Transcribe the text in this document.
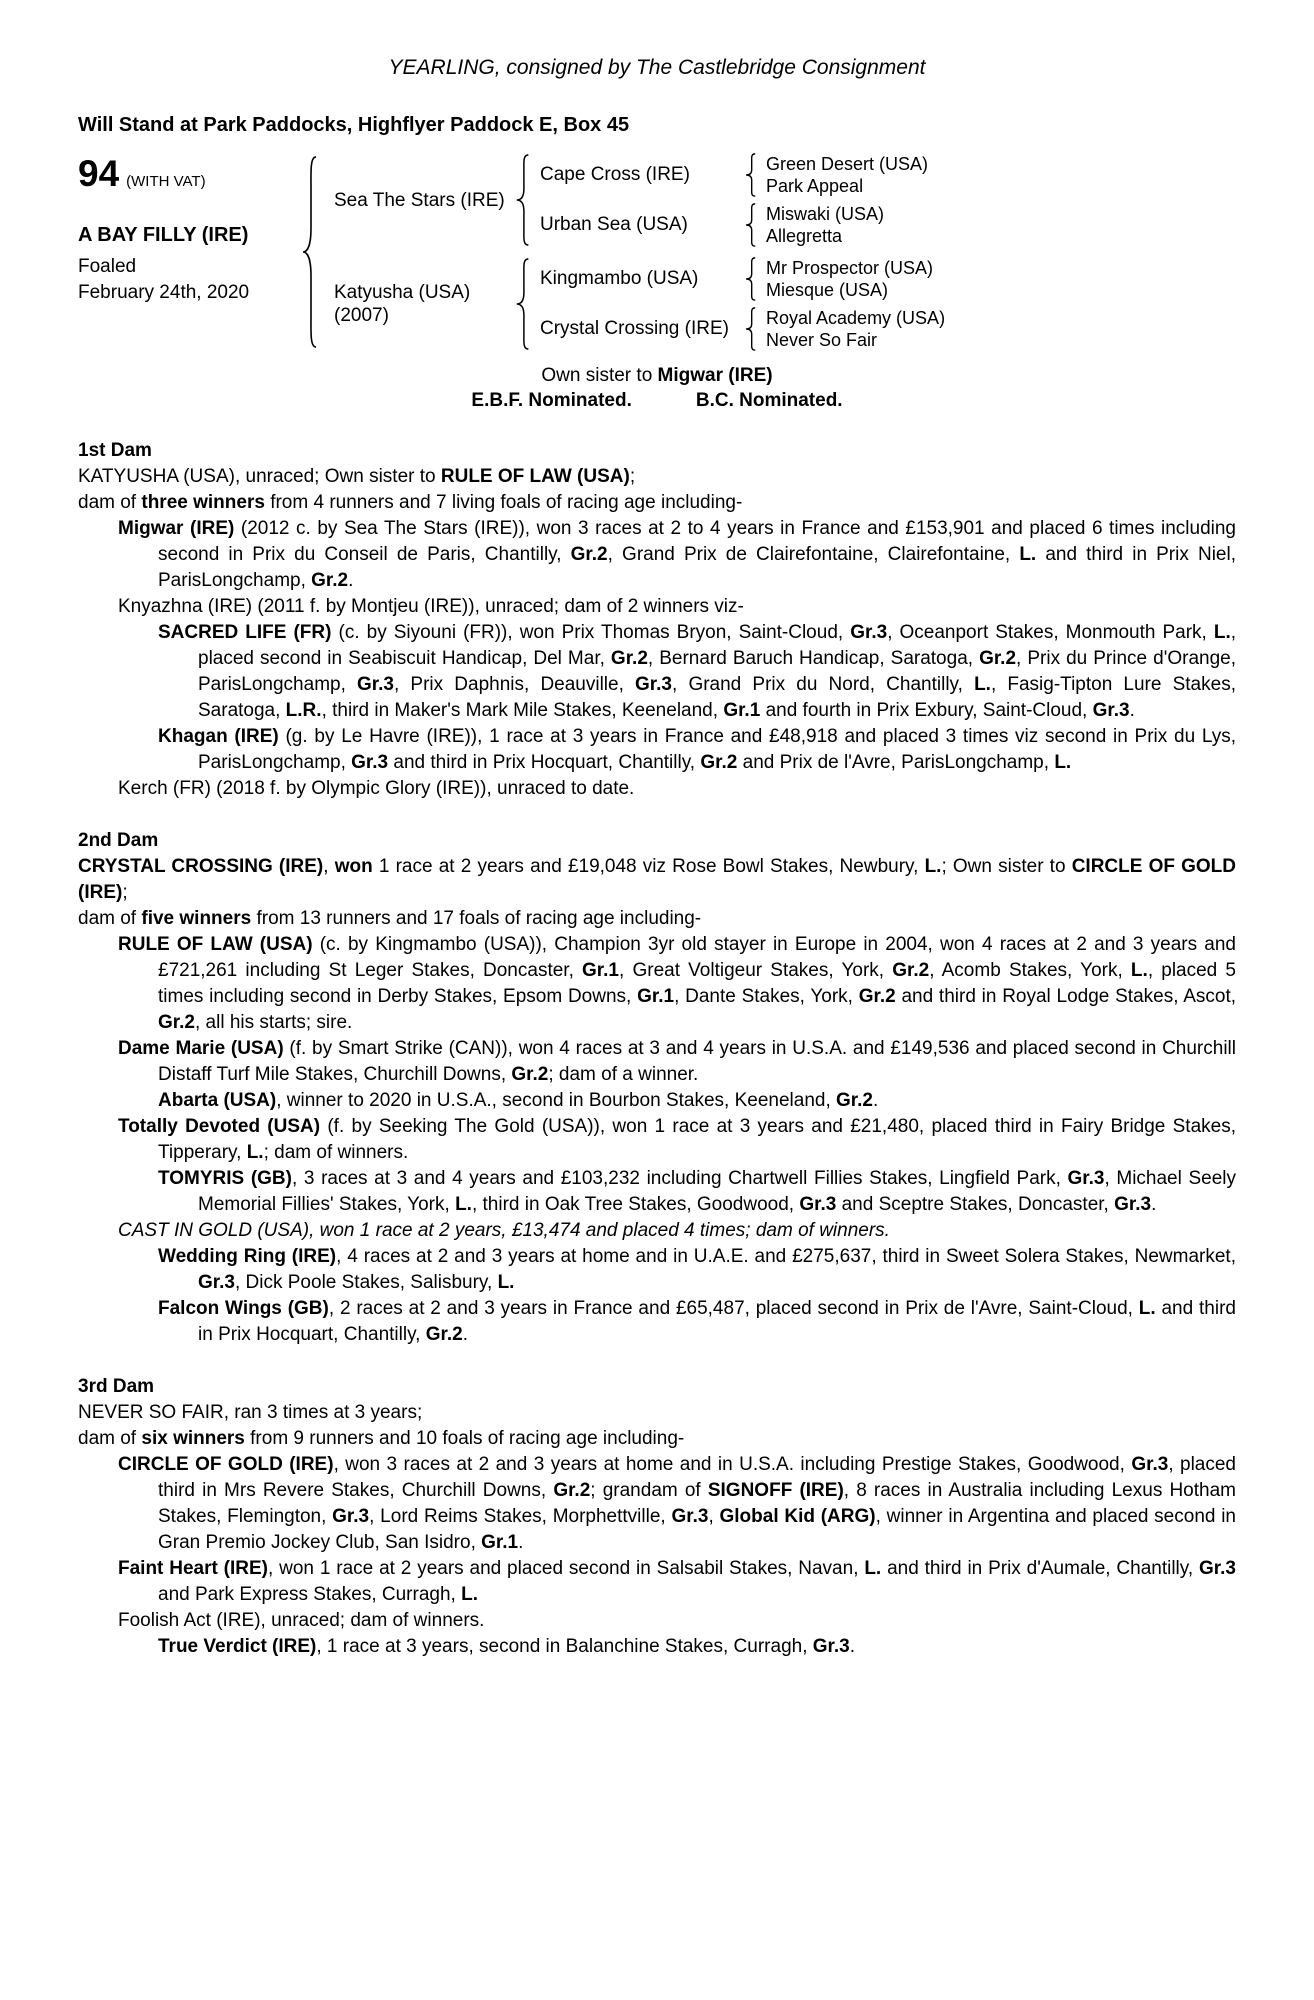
YEARLING, consigned by The Castlebridge Consignment

Will Stand at Park Paddocks, Highflyer Paddock E, Box 45

94 (WITH VAT)
A BAY FILLY (IRE)
Foaled
February 24th, 2020
Sea The Stars (IRE)
Cape Cross (IRE)	Green Desert (USA)
Park Appeal
Urban Sea (USA)	Miswaki (USA)
Allegretta
Katyusha (USA)
(2007)
Kingmambo (USA)	Mr Prospector (USA)
Miesque (USA)
Crystal Crossing (IRE)	Royal Academy (USA)
Never So Fair
Own sister to Migwar (IRE)
E.B.F. Nominated.	B.C. Nominated.
1st Dam

KATYUSHA (USA), unraced; Own sister to RULE OF LAW (USA);

dam of three winners from 4 runners and 7 living foals of racing age including-

Migwar (IRE) (2012 c. by Sea The Stars (IRE)), won 3 races at 2 to 4 years in France and £153,901 and placed 6 times including second in Prix du Conseil de Paris, Chantilly, Gr.2, Grand Prix de Clairefontaine, Clairefontaine, L. and third in Prix Niel, ParisLongchamp, Gr.2.

Knyazhna (IRE) (2011 f. by Montjeu (IRE)), unraced; dam of 2 winners viz-

SACRED LIFE (FR) (c. by Siyouni (FR)), won Prix Thomas Bryon, Saint-Cloud, Gr.3, Oceanport Stakes, Monmouth Park, L., placed second in Seabiscuit Handicap, Del Mar, Gr.2, Bernard Baruch Handicap, Saratoga, Gr.2, Prix du Prince d'Orange, ParisLongchamp, Gr.3, Prix Daphnis, Deauville, Gr.3, Grand Prix du Nord, Chantilly, L., Fasig-Tipton Lure Stakes, Saratoga, L.R., third in Maker's Mark Mile Stakes, Keeneland, Gr.1 and fourth in Prix Exbury, Saint-Cloud, Gr.3.

Khagan (IRE) (g. by Le Havre (IRE)), 1 race at 3 years in France and £48,918 and placed 3 times viz second in Prix du Lys, ParisLongchamp, Gr.3 and third in Prix Hocquart, Chantilly, Gr.2 and Prix de l'Avre, ParisLongchamp, L.

Kerch (FR) (2018 f. by Olympic Glory (IRE)), unraced to date.

2nd Dam

CRYSTAL CROSSING (IRE), won 1 race at 2 years and £19,048 viz Rose Bowl Stakes, Newbury, L.; Own sister to CIRCLE OF GOLD (IRE);

dam of five winners from 13 runners and 17 foals of racing age including-

RULE OF LAW (USA) (c. by Kingmambo (USA)), Champion 3yr old stayer in Europe in 2004, won 4 races at 2 and 3 years and £721,261 including St Leger Stakes, Doncaster, Gr.1, Great Voltigeur Stakes, York, Gr.2, Acomb Stakes, York, L., placed 5 times including second in Derby Stakes, Epsom Downs, Gr.1, Dante Stakes, York, Gr.2 and third in Royal Lodge Stakes, Ascot, Gr.2, all his starts; sire.

Dame Marie (USA) (f. by Smart Strike (CAN)), won 4 races at 3 and 4 years in U.S.A. and £149,536 and placed second in Churchill Distaff Turf Mile Stakes, Churchill Downs, Gr.2; dam of a winner.

Abarta (USA), winner to 2020 in U.S.A., second in Bourbon Stakes, Keeneland, Gr.2.

Totally Devoted (USA) (f. by Seeking The Gold (USA)), won 1 race at 3 years and £21,480, placed third in Fairy Bridge Stakes, Tipperary, L.; dam of winners.

TOMYRIS (GB), 3 races at 3 and 4 years and £103,232 including Chartwell Fillies Stakes, Lingfield Park, Gr.3, Michael Seely Memorial Fillies' Stakes, York, L., third in Oak Tree Stakes, Goodwood, Gr.3 and Sceptre Stakes, Doncaster, Gr.3.

CAST IN GOLD (USA), won 1 race at 2 years, £13,474 and placed 4 times; dam of winners.

Wedding Ring (IRE), 4 races at 2 and 3 years at home and in U.A.E. and £275,637, third in Sweet Solera Stakes, Newmarket, Gr.3, Dick Poole Stakes, Salisbury, L.

Falcon Wings (GB), 2 races at 2 and 3 years in France and £65,487, placed second in Prix de l'Avre, Saint-Cloud, L. and third in Prix Hocquart, Chantilly, Gr.2.

3rd Dam

NEVER SO FAIR, ran 3 times at 3 years;

dam of six winners from 9 runners and 10 foals of racing age including-

CIRCLE OF GOLD (IRE), won 3 races at 2 and 3 years at home and in U.S.A. including Prestige Stakes, Goodwood, Gr.3, placed third in Mrs Revere Stakes, Churchill Downs, Gr.2; grandam of SIGNOFF (IRE), 8 races in Australia including Lexus Hotham Stakes, Flemington, Gr.3, Lord Reims Stakes, Morphettville, Gr.3, Global Kid (ARG), winner in Argentina and placed second in Gran Premio Jockey Club, San Isidro, Gr.1.

Faint Heart (IRE), won 1 race at 2 years and placed second in Salsabil Stakes, Navan, L. and third in Prix d'Aumale, Chantilly, Gr.3 and Park Express Stakes, Curragh, L.

Foolish Act (IRE), unraced; dam of winners.

True Verdict (IRE), 1 race at 3 years, second in Balanchine Stakes, Curragh, Gr.3.
